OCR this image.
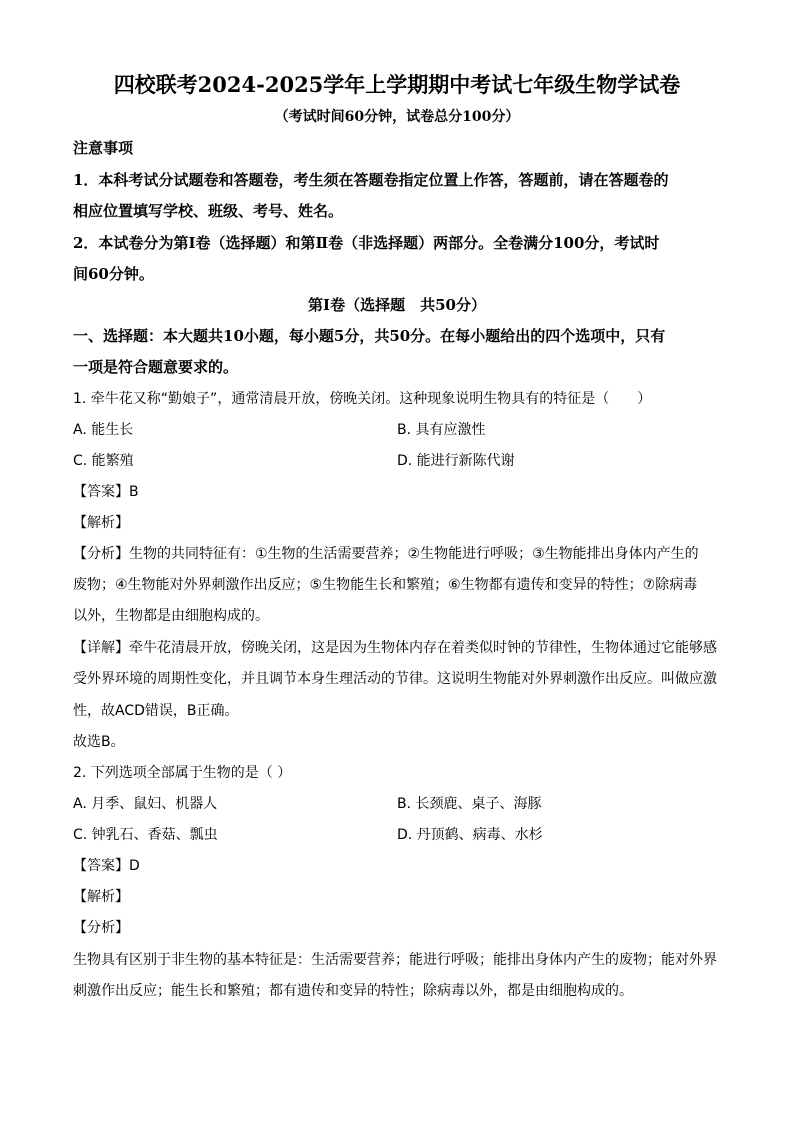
四校联考2024-2025学年上学期期中考试七年级生物学试卷
（考试时间60分钟，试卷总分100分）
注意事项
1．本科考试分试题卷和答题卷，考生须在答题卷指定位置上作答，答题前，请在答题卷的
相应位置填写学校、班级、考号、姓名。
2．本试卷分为第Ⅰ卷（选择题）和第Ⅱ卷（非选择题）两部分。全卷满分100分，考试时
间60分钟。
第Ⅰ卷（选择题　共50分）
一、选择题：本大题共10小题，每小题5分，共50分。在每小题给出的四个选项中，只有
一项是符合题意要求的。
1. 牵牛花又称“勤娘子”，通常清晨开放，傍晚关闭。这种现象说明生物具有的特征是（　　）
A. 能生长	B. 具有应激性
C. 能繁殖	D. 能进行新陈代谢
【答案】B
【解析】
【分析】生物的共同特征有：①生物的生活需要营养；②生物能进行呼吸；③生物能排出身体内产生的
废物；④生物能对外界刺激作出反应；⑤生物能生长和繁殖；⑥生物都有遗传和变异的特性；⑦除病毒
以外，生物都是由细胞构成的。
【详解】牵牛花清晨开放，傍晚关闭，这是因为生物体内存在着类似时钟的节律性，生物体通过它能够感
受外界环境的周期性变化，并且调节本身生理活动的节律。这说明生物能对外界刺激作出反应。叫做应激
性，故ACD错误，B正确。
故选B。
2. 下列选项全部属于生物的是（ ）
A. 月季、鼠妇、机器人	B. 长颈鹿、桌子、海豚
C. 钟乳石、香菇、瓢虫	D. 丹顶鹤、病毒、水杉
【答案】D
【解析】
【分析】
生物具有区别于非生物的基本特征是：生活需要营养；能进行呼吸；能排出身体内产生的废物；能对外界
刺激作出反应；能生长和繁殖；都有遗传和变异的特性；除病毒以外，都是由细胞构成的。
